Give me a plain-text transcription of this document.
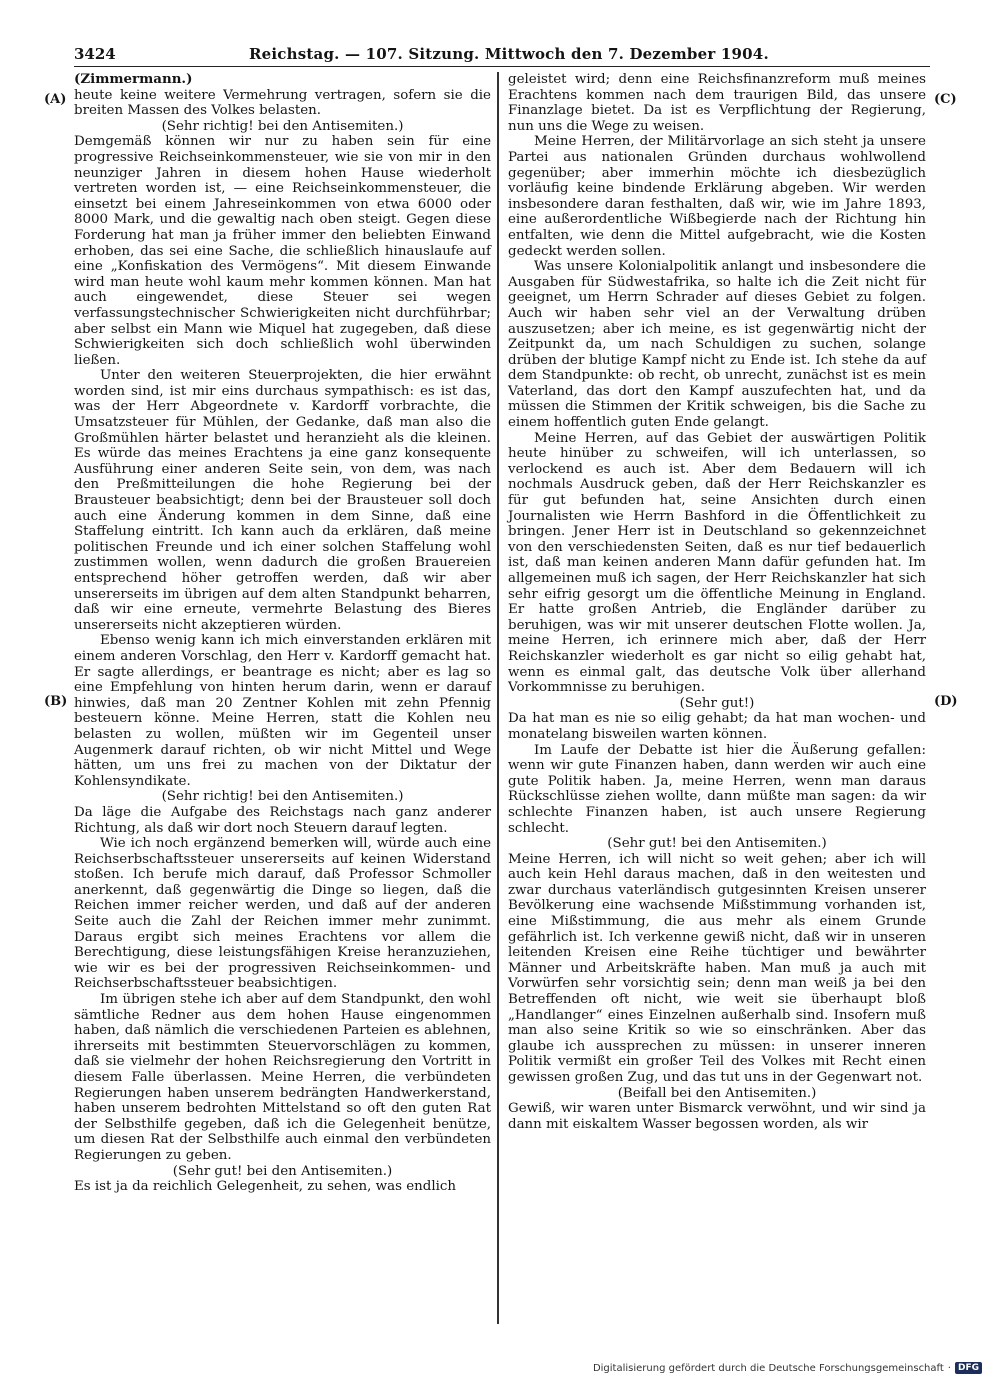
3424	Reichstag. — 107. Sitzung. Mittwoch den 7. Dezember 1904.
(A)
(B)
(C)
(D)

(Zimmermann.)

heute keine weitere Vermehrung vertragen, sofern sie die breiten Massen des Volkes belasten.

(Sehr richtig! bei den Antisemiten.)

Demgemäß können wir nur zu haben sein für eine progressive Reichseinkommensteuer, wie sie von mir in den neunziger Jahren in diesem hohen Hause wiederholt vertreten worden ist, — eine Reichseinkommensteuer, die einsetzt bei einem Jahreseinkommen von etwa 6000 oder 8000 Mark, und die gewaltig nach oben steigt. Gegen diese Forderung hat man ja früher immer den beliebten Einwand erhoben, das sei eine Sache, die schließlich hinauslaufe auf eine „Konfiskation des Vermögens“. Mit diesem Einwande wird man heute wohl kaum mehr kommen können. Man hat auch eingewendet, diese Steuer sei wegen verfassungstechnischer Schwierigkeiten nicht durchführbar; aber selbst ein Mann wie Miquel hat zugegeben, daß diese Schwierigkeiten sich doch schließlich wohl überwinden ließen.

Unter den weiteren Steuerprojekten, die hier erwähnt worden sind, ist mir eins durchaus sympathisch: es ist das, was der Herr Abgeordnete v. Kardorff vorbrachte, die Umsatzsteuer für Mühlen, der Gedanke, daß man also die Großmühlen härter belastet und heranzieht als die kleinen. Es würde das meines Erachtens ja eine ganz konsequente Ausführung einer anderen Seite sein, von dem, was nach den Preßmitteilungen die hohe Regierung bei der Brausteuer beabsichtigt; denn bei der Brausteuer soll doch auch eine Änderung kommen in dem Sinne, daß eine Staffelung eintritt. Ich kann auch da erklären, daß meine politischen Freunde und ich einer solchen Staffelung wohl zustimmen wollen, wenn dadurch die großen Brauereien entsprechend höher getroffen werden, daß wir aber unsererseits im übrigen auf dem alten Standpunkt beharren, daß wir eine erneute, vermehrte Belastung des Bieres unsererseits nicht akzeptieren würden.

Ebenso wenig kann ich mich einverstanden erklären mit einem anderen Vorschlag, den Herr v. Kardorff gemacht hat. Er sagte allerdings, er beantrage es nicht; aber es lag so eine Empfehlung von hinten herum darin, wenn er darauf hinwies, daß man 20 Zentner Kohlen mit zehn Pfennig besteuern könne. Meine Herren, statt die Kohlen neu belasten zu wollen, müßten wir im Gegenteil unser Augenmerk darauf richten, ob wir nicht Mittel und Wege hätten, um uns frei zu machen von der Diktatur der Kohlensyndikate.

(Sehr richtig! bei den Antisemiten.)

Da läge die Aufgabe des Reichstags nach ganz anderer Richtung, als daß wir dort noch Steuern darauf legten.

Wie ich noch ergänzend bemerken will, würde auch eine Reichserbschaftssteuer unsererseits auf keinen Widerstand stoßen. Ich berufe mich darauf, daß Professor Schmoller anerkennt, daß gegenwärtig die Dinge so liegen, daß die Reichen immer reicher werden, und daß auf der anderen Seite auch die Zahl der Reichen immer mehr zunimmt. Daraus ergibt sich meines Erachtens vor allem die Berechtigung, diese leistungsfähigen Kreise heranzuziehen, wie wir es bei der progressiven Reichseinkommen- und Reichserbschaftssteuer beabsichtigen.

Im übrigen stehe ich aber auf dem Standpunkt, den wohl sämtliche Redner aus dem hohen Hause eingenommen haben, daß nämlich die verschiedenen Parteien es ablehnen, ihrerseits mit bestimmten Steuervorschlägen zu kommen, daß sie vielmehr der hohen Reichsregierung den Vortritt in diesem Falle überlassen. Meine Herren, die verbündeten Regierungen haben unserem bedrängten Handwerkerstand, haben unserem bedrohten Mittelstand so oft den guten Rat der Selbsthilfe gegeben, daß ich die Gelegenheit benütze, um diesen Rat der Selbsthilfe auch einmal den verbündeten Regierungen zu geben.

(Sehr gut! bei den Antisemiten.)

Es ist ja da reichlich Gelegenheit, zu sehen, was endlich

geleistet wird; denn eine Reichsfinanzreform muß meines Erachtens kommen nach dem traurigen Bild, das unsere Finanzlage bietet. Da ist es Verpflichtung der Regierung, nun uns die Wege zu weisen.

Meine Herren, der Militärvorlage an sich steht ja unsere Partei aus nationalen Gründen durchaus wohlwollend gegenüber; aber immerhin möchte ich diesbezüglich vorläufig keine bindende Erklärung abgeben. Wir werden insbesondere daran festhalten, daß wir, wie im Jahre 1893, eine außerordentliche Wißbegierde nach der Richtung hin entfalten, wie denn die Mittel aufgebracht, wie die Kosten gedeckt werden sollen.

Was unsere Kolonialpolitik anlangt und insbesondere die Ausgaben für Südwestafrika, so halte ich die Zeit nicht für geeignet, um Herrn Schrader auf dieses Gebiet zu folgen. Auch wir haben sehr viel an der Verwaltung drüben auszusetzen; aber ich meine, es ist gegenwärtig nicht der Zeitpunkt da, um nach Schuldigen zu suchen, solange drüben der blutige Kampf nicht zu Ende ist. Ich stehe da auf dem Standpunkte: ob recht, ob unrecht, zunächst ist es mein Vaterland, das dort den Kampf auszufechten hat, und da müssen die Stimmen der Kritik schweigen, bis die Sache zu einem hoffentlich guten Ende gelangt.

Meine Herren, auf das Gebiet der auswärtigen Politik heute hinüber zu schweifen, will ich unterlassen, so verlockend es auch ist. Aber dem Bedauern will ich nochmals Ausdruck geben, daß der Herr Reichskanzler es für gut befunden hat, seine Ansichten durch einen Journalisten wie Herrn Bashford in die Öffentlichkeit zu bringen. Jener Herr ist in Deutschland so gekennzeichnet von den verschiedensten Seiten, daß es nur tief bedauerlich ist, daß man keinen anderen Mann dafür gefunden hat. Im allgemeinen muß ich sagen, der Herr Reichskanzler hat sich sehr eifrig gesorgt um die öffentliche Meinung in England. Er hatte großen Antrieb, die Engländer darüber zu beruhigen, was wir mit unserer deutschen Flotte wollen. Ja, meine Herren, ich erinnere mich aber, daß der Herr Reichskanzler wiederholt es gar nicht so eilig gehabt hat, wenn es einmal galt, das deutsche Volk über allerhand Vorkommnisse zu beruhigen.

(Sehr gut!)

Da hat man es nie so eilig gehabt; da hat man wochen- und monatelang bisweilen warten können.

Im Laufe der Debatte ist hier die Äußerung gefallen: wenn wir gute Finanzen haben, dann werden wir auch eine gute Politik haben. Ja, meine Herren, wenn man daraus Rückschlüsse ziehen wollte, dann müßte man sagen: da wir schlechte Finanzen haben, ist auch unsere Regierung schlecht.

(Sehr gut! bei den Antisemiten.)

Meine Herren, ich will nicht so weit gehen; aber ich will auch kein Hehl daraus machen, daß in den weitesten und zwar durchaus vaterländisch gutgesinnten Kreisen unserer Bevölkerung eine wachsende Mißstimmung vorhanden ist, eine Mißstimmung, die aus mehr als einem Grunde gefährlich ist. Ich verkenne gewiß nicht, daß wir in unseren leitenden Kreisen eine Reihe tüchtiger und bewährter Männer und Arbeitskräfte haben. Man muß ja auch mit Vorwürfen sehr vorsichtig sein; denn man weiß ja bei den Betreffenden oft nicht, wie weit sie überhaupt bloß „Handlanger“ eines Einzelnen außerhalb sind. Insofern muß man also seine Kritik so wie so einschränken. Aber das glaube ich aussprechen zu müssen: in unserer inneren Politik vermißt ein großer Teil des Volkes mit Recht einen gewissen großen Zug, und das tut uns in der Gegenwart not.

(Beifall bei den Antisemiten.)

Gewiß, wir waren unter Bismarck verwöhnt, und wir sind ja dann mit eiskaltem Wasser begossen worden, als wir

Digitalisierung gefördert durch die Deutsche Forschungsgemeinschaft · DFG
